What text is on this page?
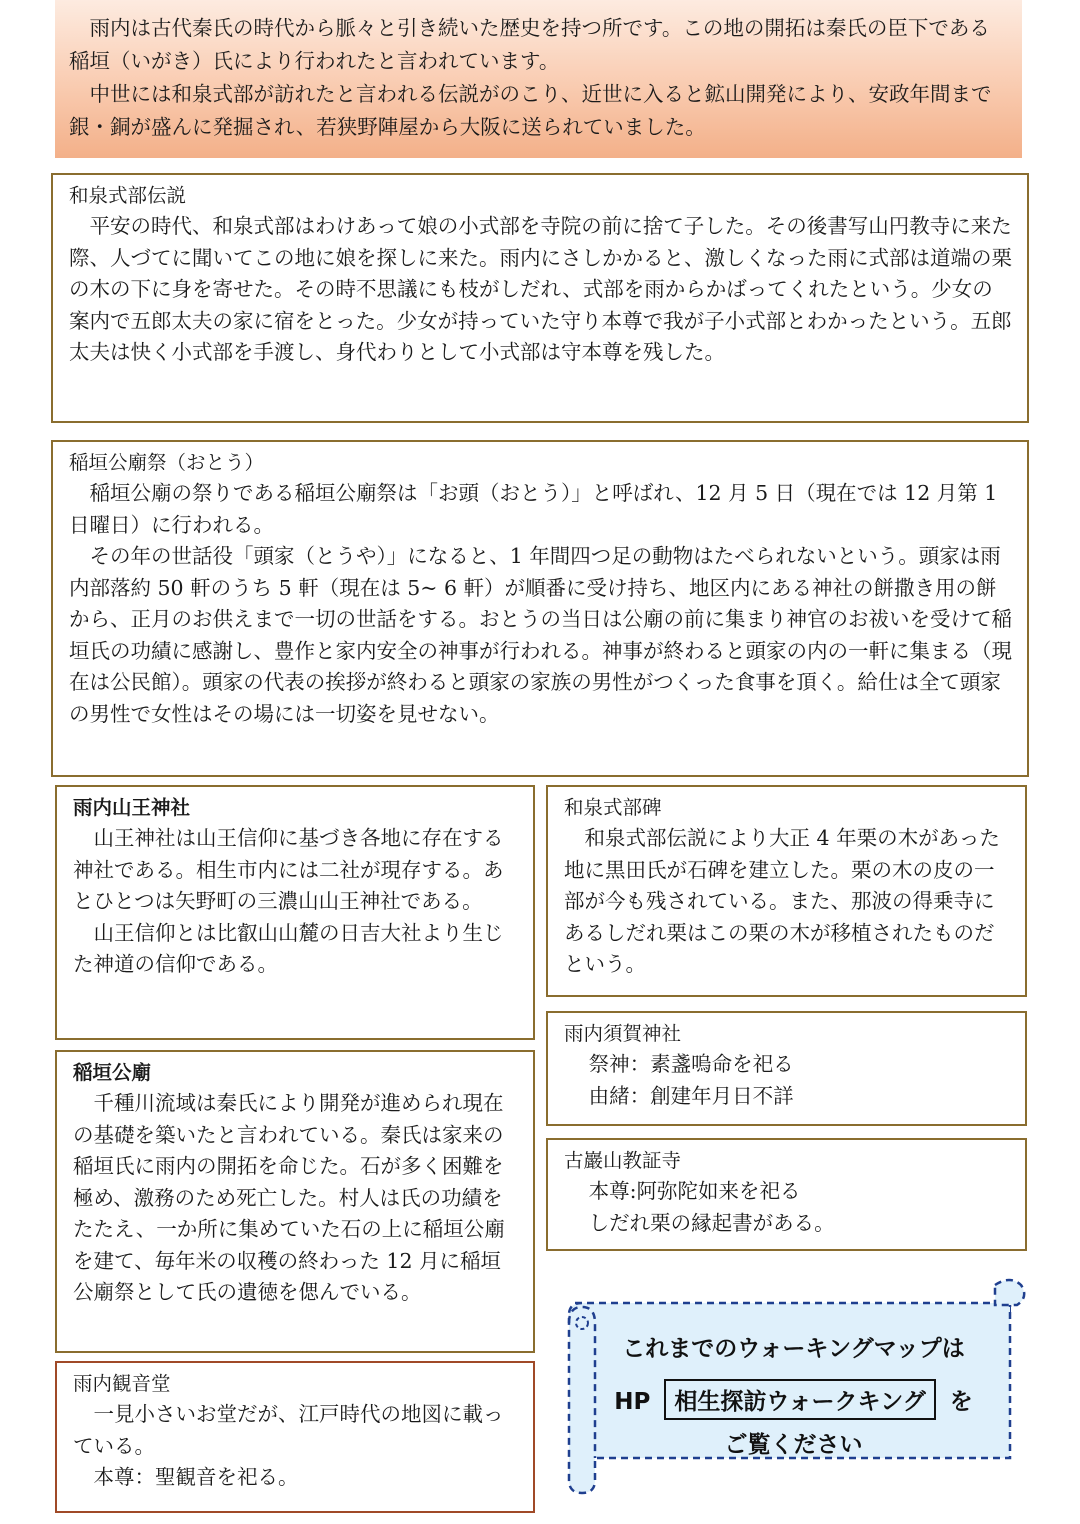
雨内は古代秦氏の時代から脈々と引き続いた歴史を持つ所です。この地の開拓は秦氏の臣下である稲垣（いがき）氏により行われたと言われています。

中世には和泉式部が訪れたと言われる伝説がのこり、近世に入ると鉱山開発により、安政年間まで銀・銅が盛んに発掘され、若狭野陣屋から大阪に送られていました。

和泉式部伝説

平安の時代、和泉式部はわけあって娘の小式部を寺院の前に捨て子した。その後書写山円教寺に来た際、人づてに聞いてこの地に娘を探しに来た。雨内にさしかかると、激しくなった雨に式部は道端の栗の木の下に身を寄せた。その時不思議にも枝がしだれ、式部を雨からかばってくれたという。少女の案内で五郎太夫の家に宿をとった。少女が持っていた守り本尊で我が子小式部とわかったという。五郎太夫は快く小式部を手渡し、身代わりとして小式部は守本尊を残した。

稲垣公廟祭（おとう）

稲垣公廟の祭りである稲垣公廟祭は「お頭（おとう）」と呼ばれ、12 月 5 日（現在では 12 月第 1 日曜日）に行われる。

その年の世話役「頭家（とうや）」になると、1 年間四つ足の動物はたべられないという。頭家は雨内部落約 50 軒のうち 5 軒（現在は 5~ 6 軒）が順番に受け持ち、地区内にある神社の餅撒き用の餅から、正月のお供えまで一切の世話をする。おとうの当日は公廟の前に集まり神官のお祓いを受けて稲垣氏の功績に感謝し、豊作と家内安全の神事が行われる。神事が終わると頭家の内の一軒に集まる（現在は公民館）。頭家の代表の挨拶が終わると頭家の家族の男性がつくった食事を頂く。給仕は全て頭家の男性で女性はその場には一切姿を見せない。

雨内山王神社

山王神社は山王信仰に基づき各地に存在する神社である。相生市内には二社が現存する。あとひとつは矢野町の三濃山山王神社である。

山王信仰とは比叡山山麓の日吉大社より生じた神道の信仰である。

和泉式部碑

和泉式部伝説により大正 4 年栗の木があった地に黒田氏が石碑を建立した。栗の木の皮の一部が今も残されている。また、那波の得乗寺にあるしだれ栗はこの栗の木が移植されたものだという。

雨内須賀神社
祭神：素盞嗚命を祀る
由緒：創建年月日不詳
古巖山教証寺
本尊:阿弥陀如来を祀る
しだれ栗の縁起書がある。
稲垣公廟

千種川流域は秦氏により開発が進められ現在の基礎を築いたと言われている。秦氏は家来の稲垣氏に雨内の開拓を命じた。石が多く困難を極め、激務のため死亡した。村人は氏の功績をたたえ、一か所に集めていた石の上に稲垣公廟を建て、毎年米の収穫の終わった 12 月に稲垣公廟祭として氏の遺徳を偲んでいる。

雨内観音堂

一見小さいお堂だが、江戸時代の地図に載っている。

本尊：聖観音を祀る。

これまでのウォーキングマップは
HP 相生探訪ウォークキング を
ご覧ください
